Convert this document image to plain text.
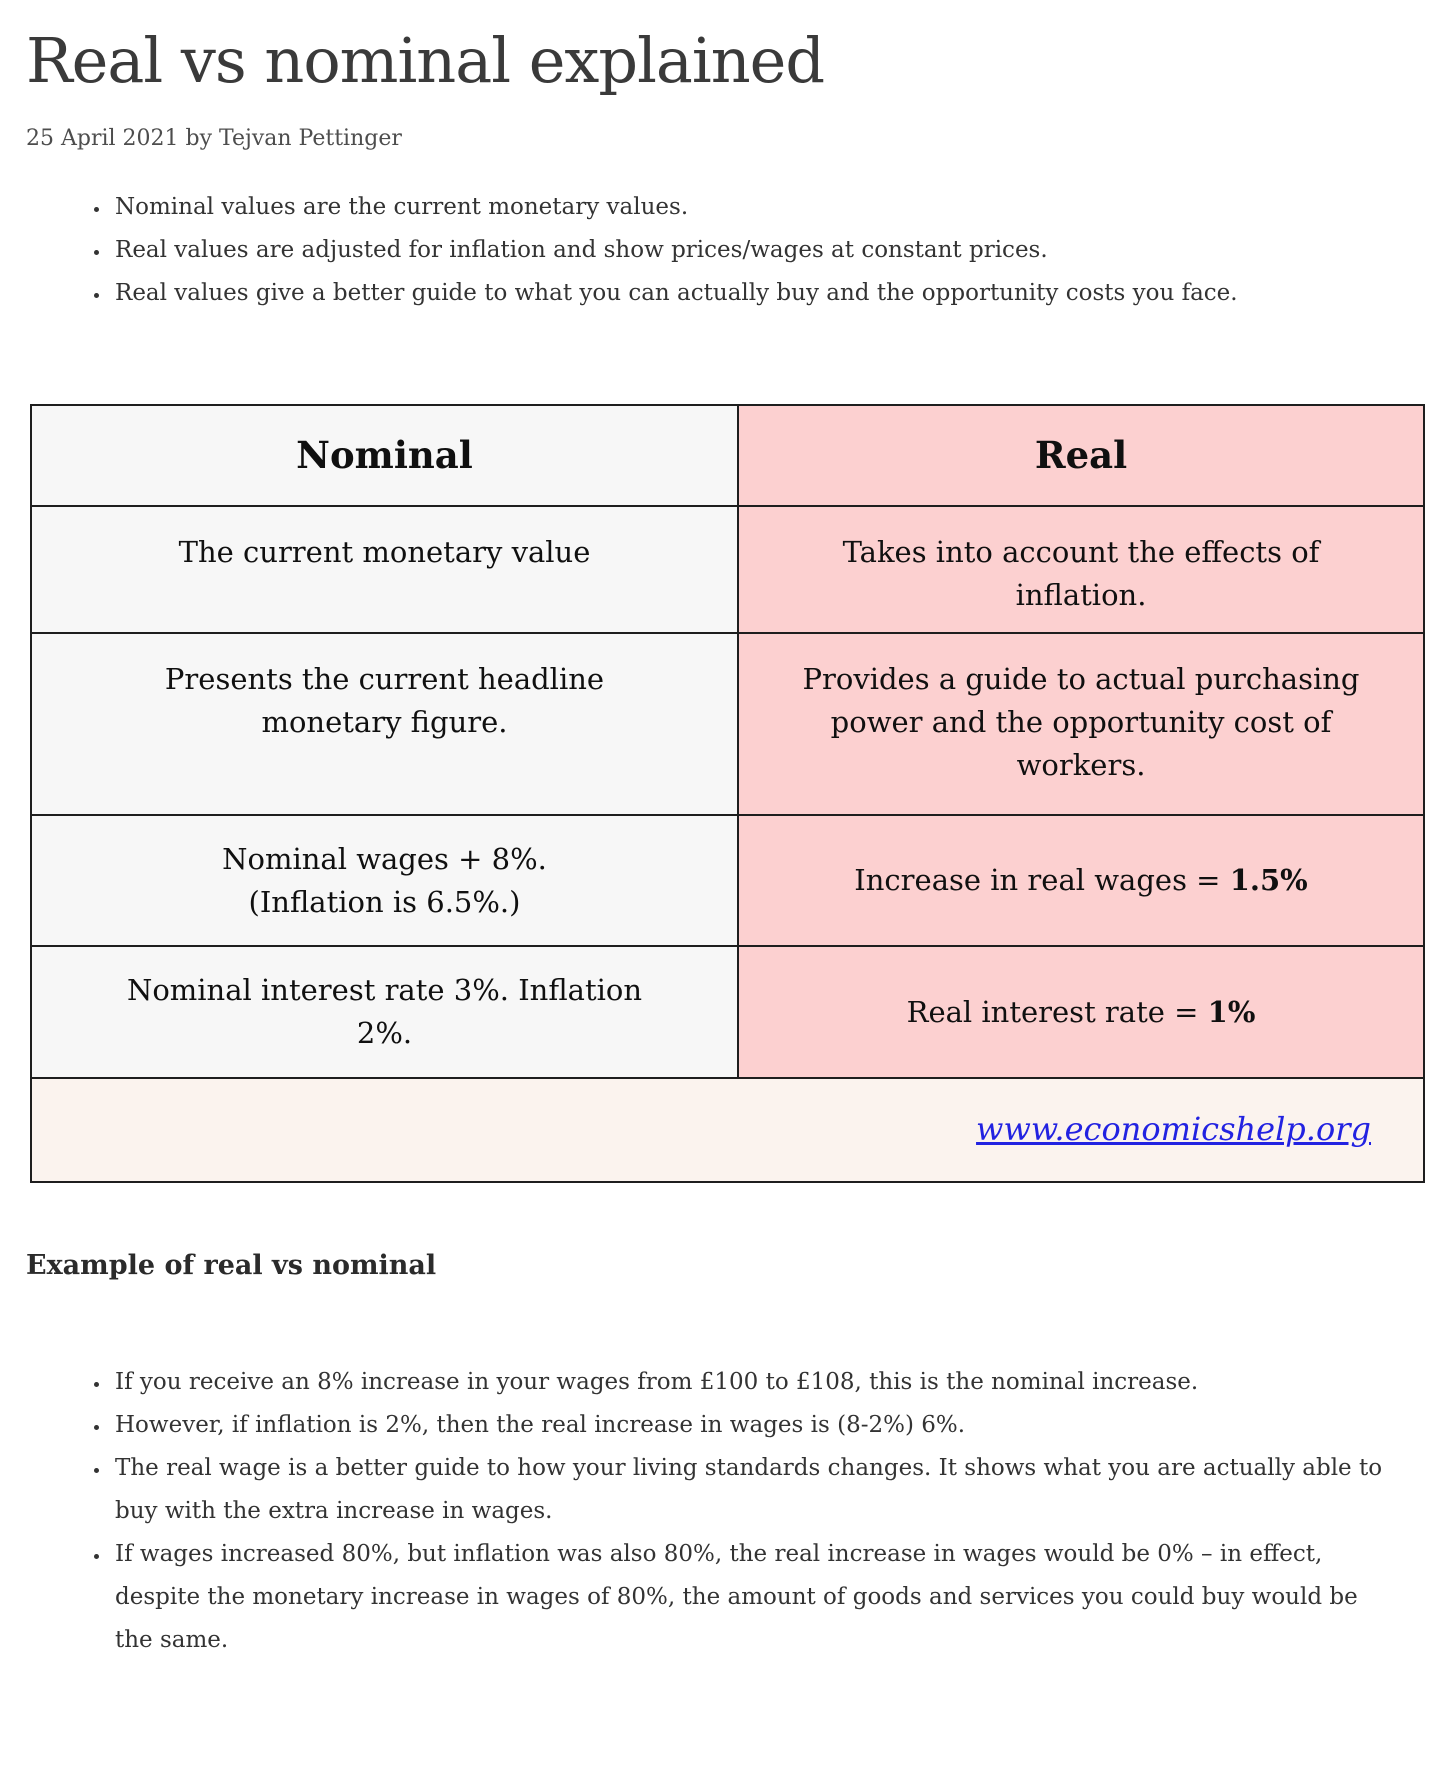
Real vs nominal explained

25 April 2021 by Tejvan Pettinger

• Nominal values are the current monetary values.
• Real values are adjusted for inflation and show prices/wages at constant prices.
• Real values give a better guide to what you can actually buy and the opportunity costs you face.
Nominal	Real

The current monetary value	Takes into account the effects of
inflation.

Presents the current headline
monetary figure.	Provides a guide to actual purchasing
power and the opportunity cost of
workers.

Nominal wages + 8%.
(Inflation is 6.5%.)	Increase in real wages = 1.5%

Nominal interest rate 3%. Inflation
2%.	Real interest rate = 1%

www.economicshelp.org	
Example of real vs nominal
• If you receive an 8% increase in your wages from £100 to £108, this is the nominal increase.
• However, if inflation is 2%, then the real increase in wages is (8-2%) 6%.
• The real wage is a better guide to how your living standards changes. It shows what you are actually able to buy with the extra increase in wages.
• If wages increased 80%, but inflation was also 80%, the real increase in wages would be 0% – in effect, despite the monetary increase in wages of 80%, the amount of goods and services you could buy would be the same.
